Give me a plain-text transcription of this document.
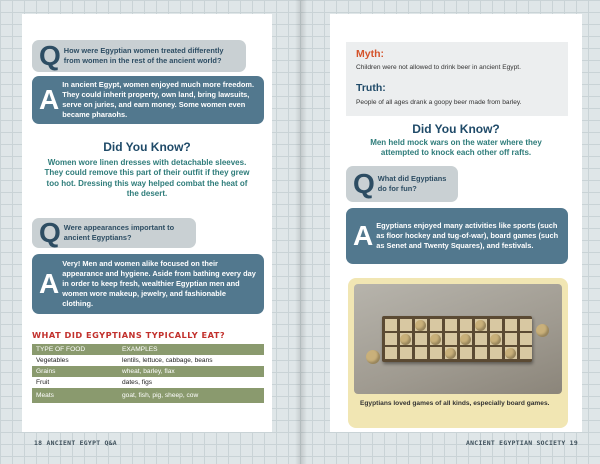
Q How were Egyptian women treated differently from women in the rest of the ancient world?
A In ancient Egypt, women enjoyed much more freedom. They could inherit property, own land, bring lawsuits, serve on juries, and earn money. Some women even became pharaohs.
Did You Know?
Women wore linen dresses with detachable sleeves. They could remove this part of their outfit if they grew too hot. Dressing this way helped combat the heat of the desert.
Q Were appearances important to ancient Egyptians?
A
Very! Men and women alike focused on their appearance and hygiene. Aside from bathing every day in order to keep fresh, wealthier Egyptian men and women wore makeup, jewelry, and fashionable clothing.
WHAT DID EGYPTIANS TYPICALLY EAT?
TYPE OF FOOD	EXAMPLES
Vegetables	lentils, lettuce, cabbage, beans
Grains	wheat, barley, flax
Fruit	dates, figs
Meats	goat, fish, pig, sheep, cow
18 ANCIENT EGYPT Q&A
Myth:
Children were not allowed to drink beer in ancient Egypt.
Truth:
People of all ages drank a goopy beer made from barley.
Did You Know?
Men held mock wars on the water where they attempted to knock each other off rafts.
Q What did Egyptians do for fun?
A Egyptians enjoyed many activities like sports (such as floor hockey and tug-of-war), board games (such as Senet and Twenty Squares), and festivals.
Egyptians loved games of all kinds, especially board games.
ANCIENT EGYPTIAN SOCIETY 19
